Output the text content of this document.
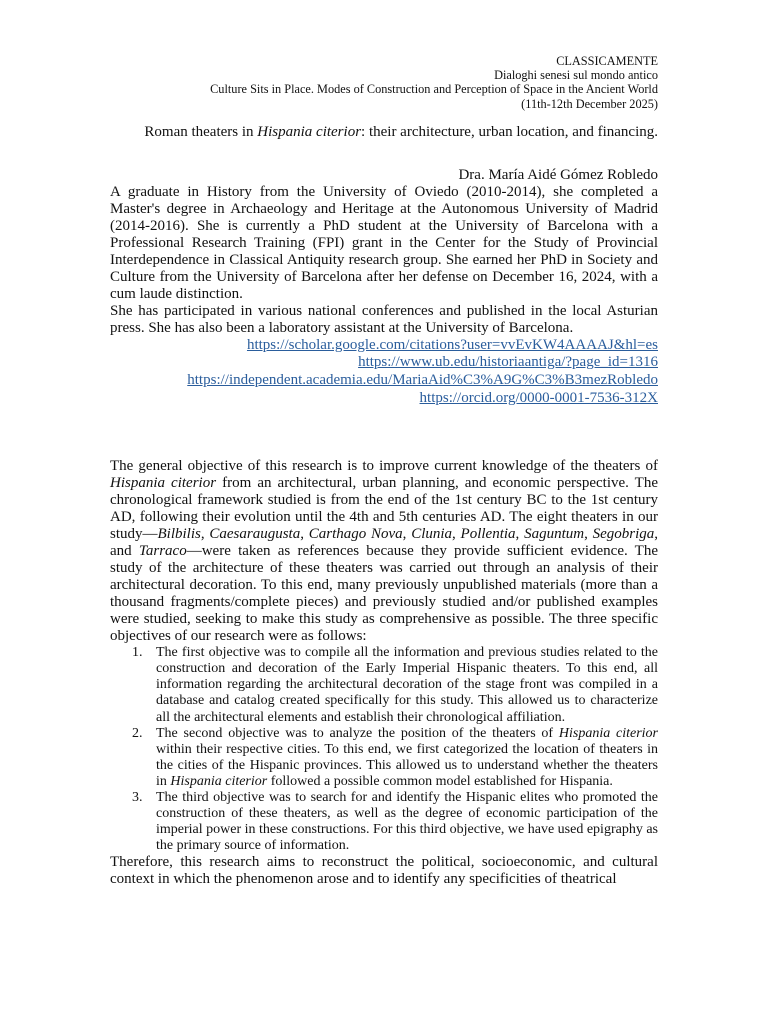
CLASSICAMENTE
Dialoghi senesi sul mondo antico
Culture Sits in Place. Modes of Construction and Perception of Space in the Ancient World
(11th-12th December 2025)
Roman theaters in Hispania citerior: their architecture, urban location, and financing.
Dra. María Aidé Gómez Robledo

A graduate in History from the University of Oviedo (2010-2014), she completed a Master's degree in Archaeology and Heritage at the Autonomous University of Madrid (2014-2016). She is currently a PhD student at the University of Barcelona with a Professional Research Training (FPI) grant in the Center for the Study of Provincial Interdependence in Classical Antiquity research group. She earned her PhD in Society and Culture from the University of Barcelona after her defense on December 16, 2024, with a cum laude distinction.

She has participated in various national conferences and published in the local Asturian press. She has also been a laboratory assistant at the University of Barcelona.

https://scholar.google.com/citations?user=vvEvKW4AAAAJ&hl=es
https://www.ub.edu/historiaantiga/?page_id=1316
https://independent.academia.edu/MariaAid%C3%A9G%C3%B3mezRobledo
https://orcid.org/0000-0001-7536-312X

The general objective of this research is to improve current knowledge of the theaters of Hispania citerior from an architectural, urban planning, and economic perspective. The chronological framework studied is from the end of the 1st century BC to the 1st century AD, following their evolution until the 4th and 5th centuries AD. The eight theaters in our study—Bilbilis, Caesaraugusta, Carthago Nova, Clunia, Pollentia, Saguntum, Segobriga, and Tarraco—were taken as references because they provide sufficient evidence. The study of the architecture of these theaters was carried out through an analysis of their architectural decoration. To this end, many previously unpublished materials (more than a thousand fragments/complete pieces) and previously studied and/or published examples were studied, seeking to make this study as comprehensive as possible. The three specific objectives of our research were as follows:

1. The first objective was to compile all the information and previous studies related to the construction and decoration of the Early Imperial Hispanic theaters. To this end, all information regarding the architectural decoration of the stage front was compiled in a database and catalog created specifically for this study. This allowed us to characterize all the architectural elements and establish their chronological affiliation.
2. The second objective was to analyze the position of the theaters of Hispania citerior within their respective cities. To this end, we first categorized the location of theaters in the cities of the Hispanic provinces. This allowed us to understand whether the theaters in Hispania citerior followed a possible common model established for Hispania.
3. The third objective was to search for and identify the Hispanic elites who promoted the construction of these theaters, as well as the degree of economic participation of the imperial power in these constructions. For this third objective, we have used epigraphy as the primary source of information.

Therefore, this research aims to reconstruct the political, socioeconomic, and cultural context in which the phenomenon arose and to identify any specificities of theatrical
